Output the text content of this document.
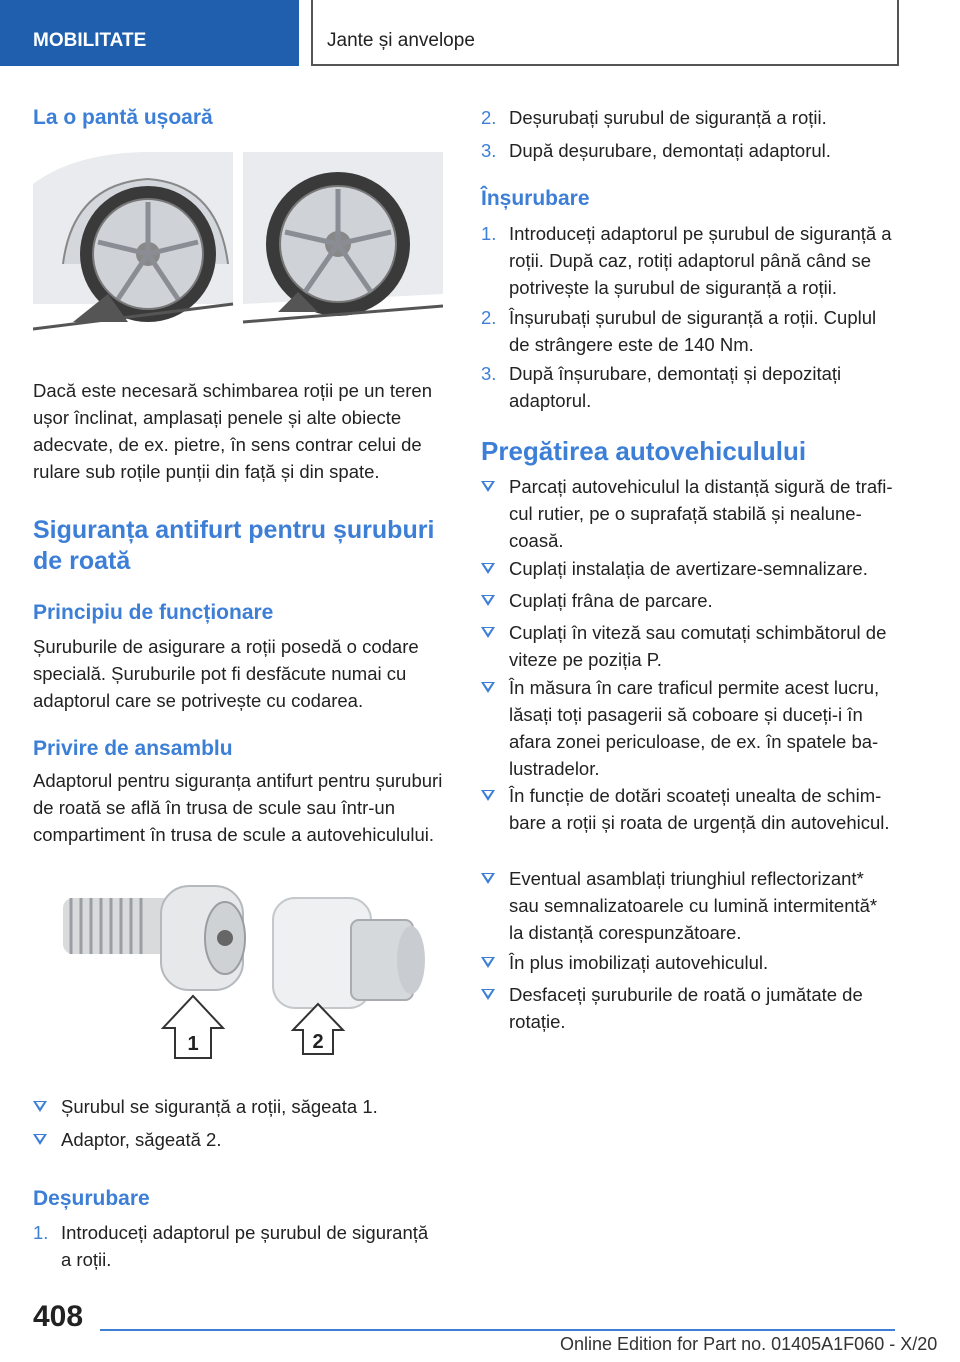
MOBILITATE	Jante și anvelope
La o pantă ușoară
Dacă este necesară schimbarea roții pe un teren ușor înclinat, amplasați penele și alte obiecte adecvate, de ex. pietre, în sens contrar celui de rulare sub roțile punții din față și din spate.
Siguranța antifurt pentru șuruburi de roată
Principiu de funcționare
Șuruburile de asigurare a roții posedă o codare specială. Șuruburile pot fi desfăcute numai cu adaptorul care se potrivește cu codarea.
Privire de ansamblu
Adaptorul pentru siguranța antifurt pentru șuruburi de roată se află în trusa de scule sau într-un compartiment în trusa de scule a autovehiculului.
1	2
Șurubul se siguranță a roții, săgeata 1.
Adaptor, săgeată 2.
Deșurubare
1. Introduceți adaptorul pe șurubul de siguranță a roții.
2. Deșurubați șurubul de siguranță a roții.
3. După deșurubare, demontați adaptorul.
Înșurubare
1. Introduceți adaptorul pe șurubul de siguranță a roții. După caz, rotiți adaptorul până când se potrivește la șurubul de siguranță a roții.
2. Înșurubați șurubul de siguranță a roții. Cuplul de strângere este de 140 Nm.
3. După înșurubare, demontați și depozitați adaptorul.
Pregătirea autovehiculului
Parcați autovehiculul la distanță sigură de traficul rutier, pe o suprafață stabilă și nealunecoasă.
Cuplați instalația de avertizare-semnalizare.
Cuplați frâna de parcare.
Cuplați în viteză sau comutați schimbătorul de viteze pe poziția P.
În măsura în care traficul permite acest lucru, lăsați toți pasagerii să coboare și duceți-i în afara zonei periculoase, de ex. în spatele balustradelor.
În funcție de dotări scoateți unealta de schimbare a roții și roata de urgență din autovehicul.
Eventual asamblați triunghiul reflectorizant* sau semnalizatoarele cu lumină intermitentă* la distanță corespunzătoare.
În plus imobilizați autovehiculul.
Desfaceți șuruburile de roată o jumătate de rotație.
408
Online Edition for Part no. 01405A1F060 - X/20
